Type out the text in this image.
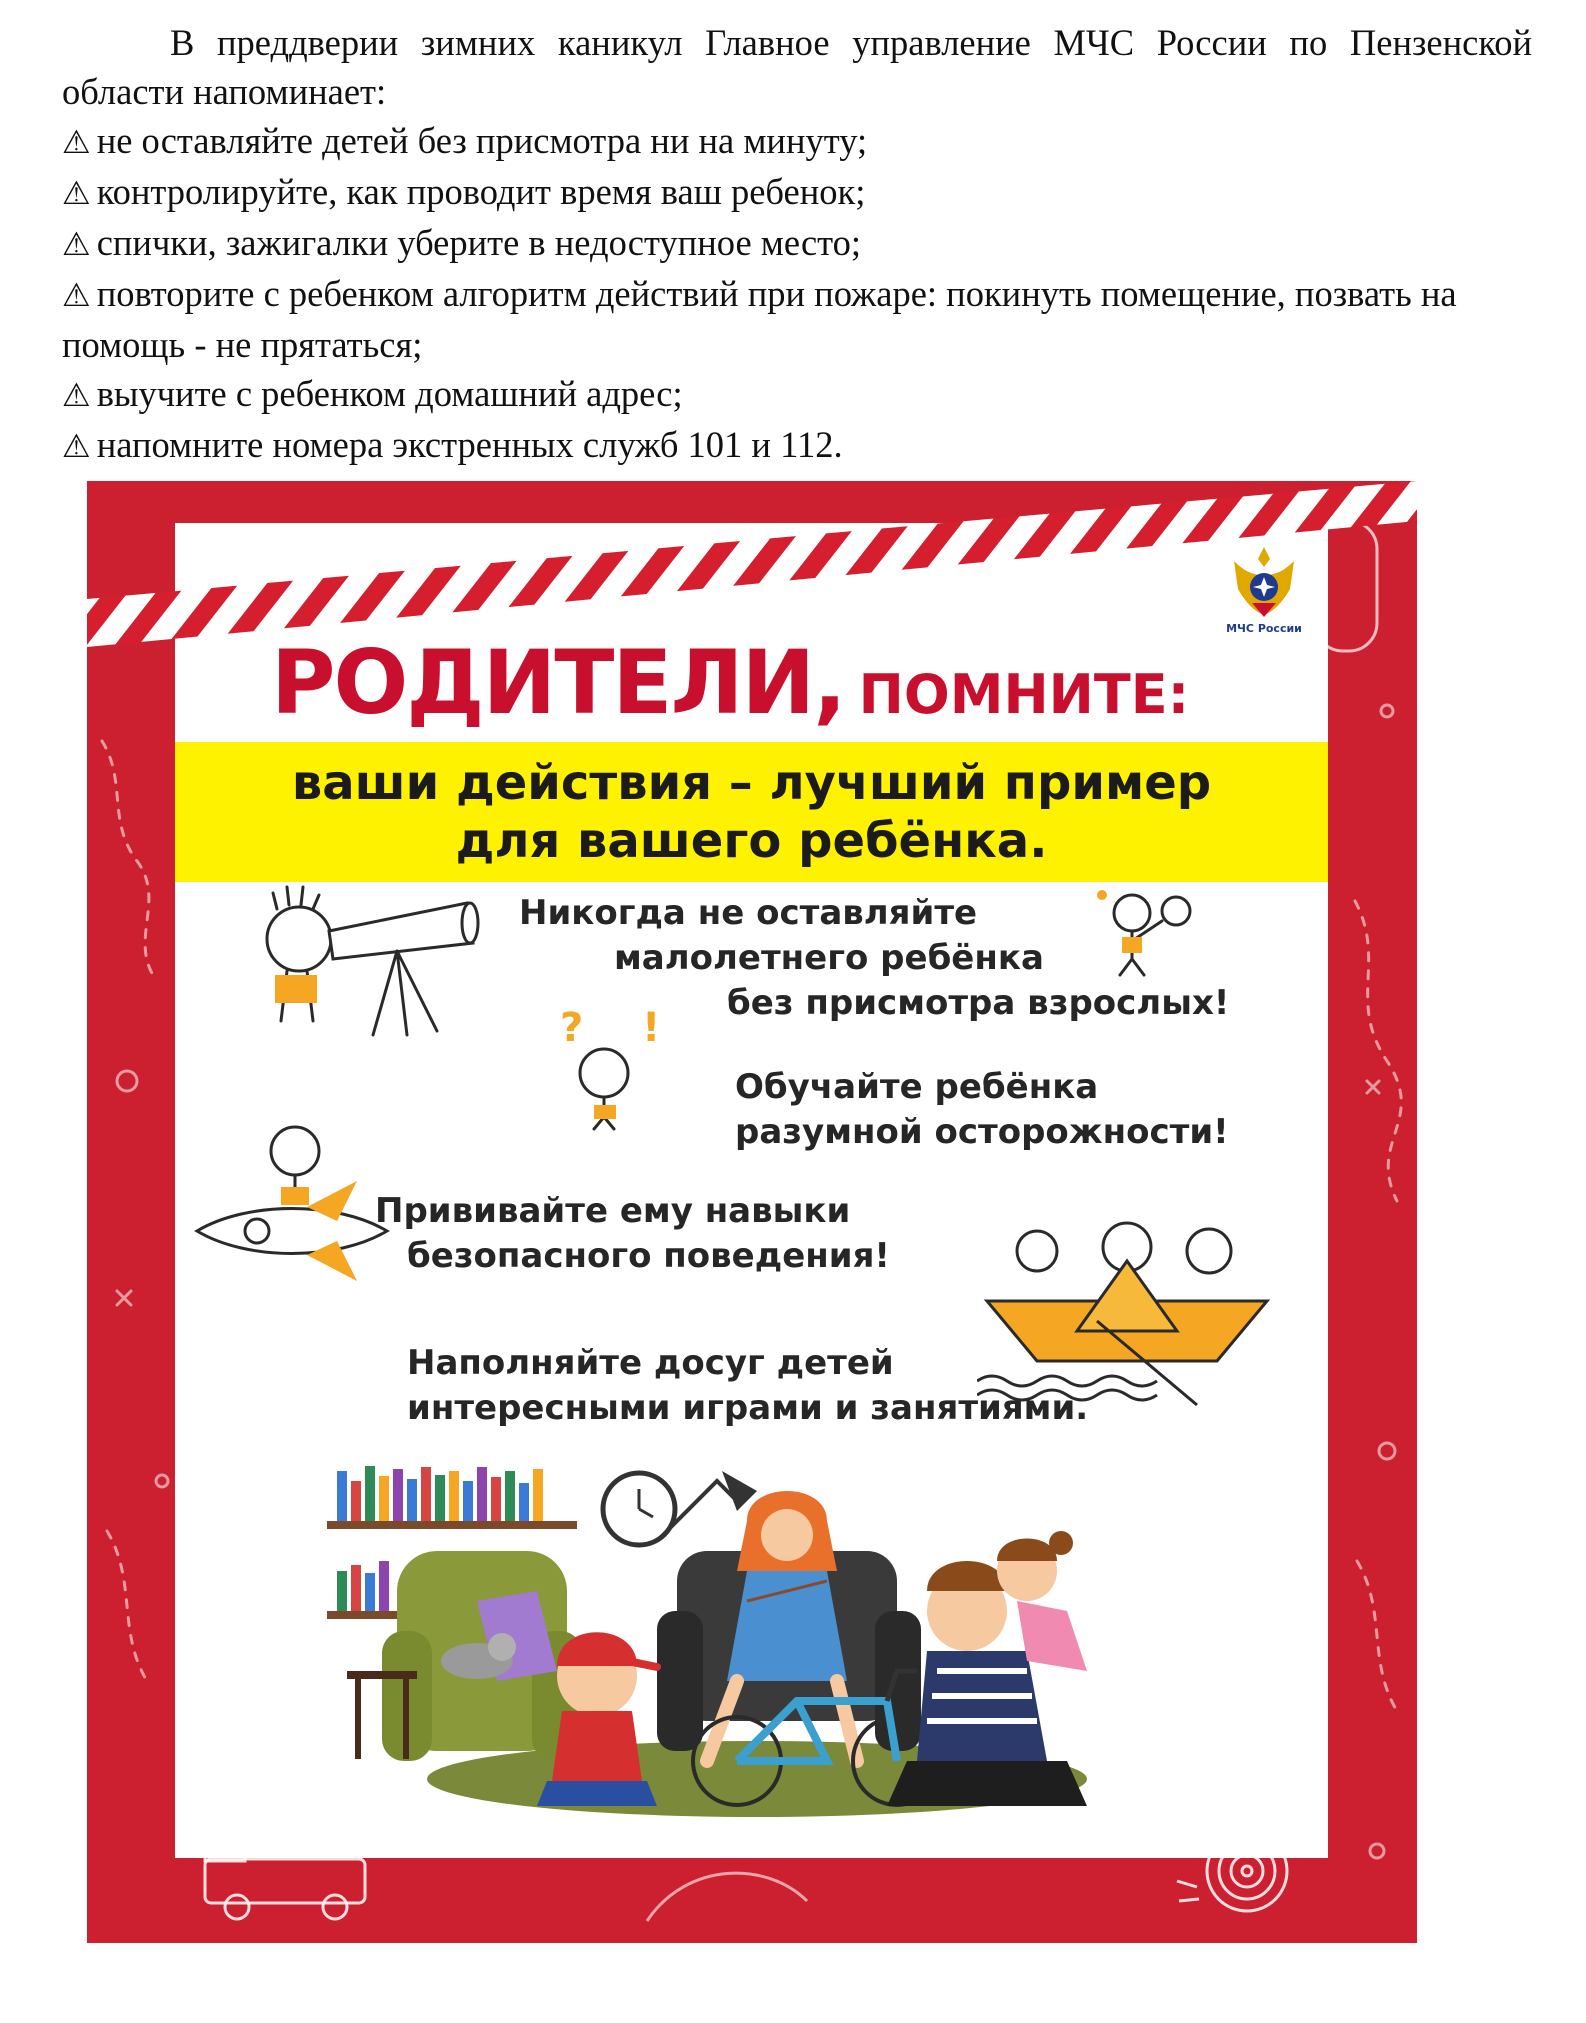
В преддверии зимних каникул Главное управление МЧС России по Пензенской области напоминает:

⚠ не оставляйте детей без присмотра ни на минуту;

⚠ контролируйте, как проводит время ваш ребенок;

⚠ спички, зажигалки уберите в недоступное место;

⚠ повторите с ребенком алгоритм действий при пожаре: покинуть помещение, позвать на помощь - не прятаться;

⚠ выучите с ребенком домашний адрес;

⚠ напомните номера экстренных служб 101 и 112.

МЧС России
РОДИТЕЛИ, ПОМНИТЕ:
ваши действия – лучший пример
для вашего ребёнка.
Никогда не оставляйте
малолетнего ребёнка
без присмотра взрослых!
Обучайте ребёнка
разумной осторожности!
Прививайте ему навыки
безопасного поведения!
Наполняйте досуг детей
интересными играми и занятиями.
? !
